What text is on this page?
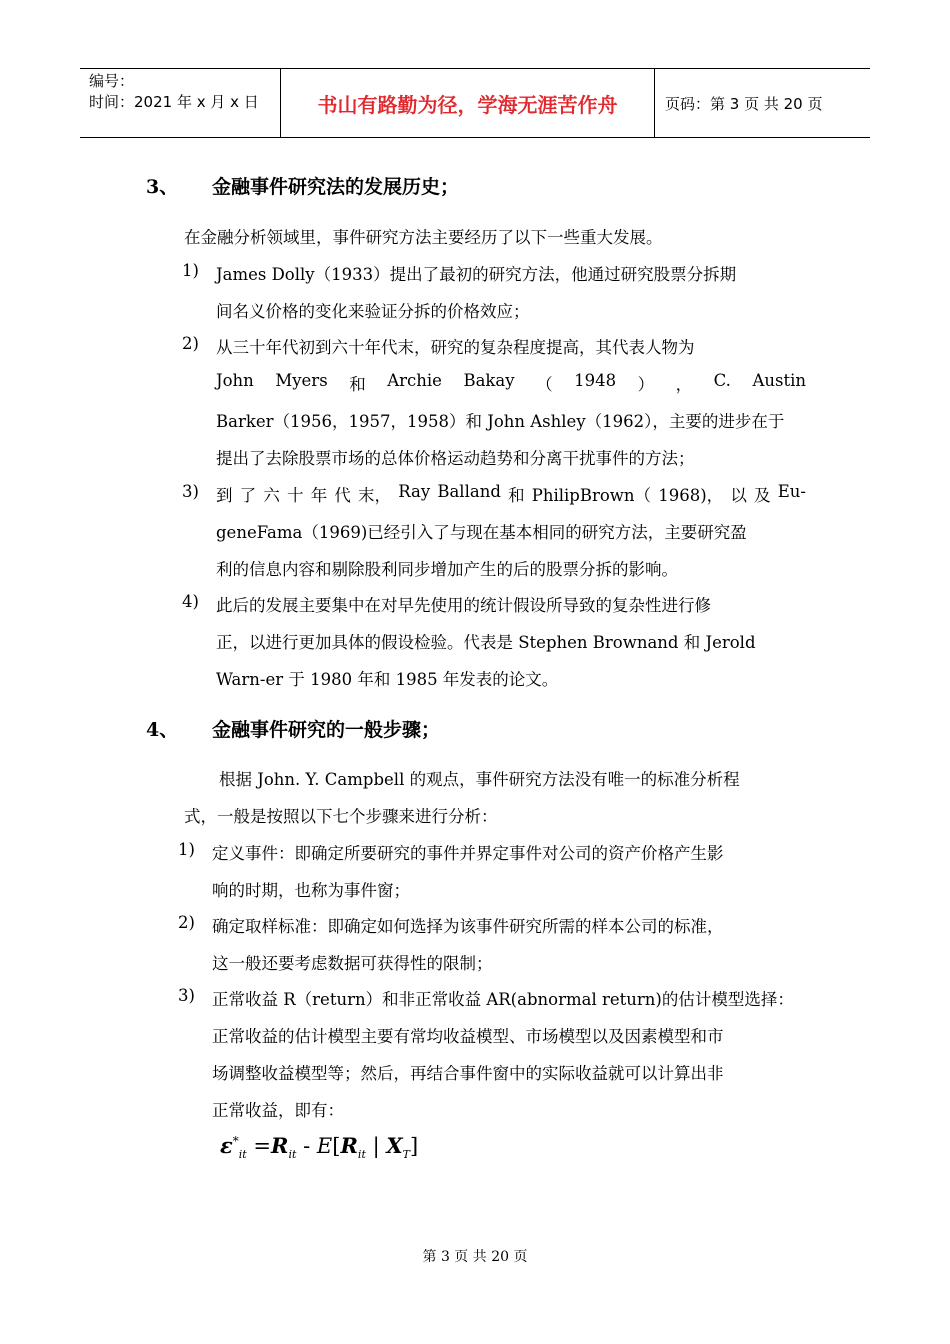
编号：
时间：2021 年 x 月 x 日	书山有路勤为径，学海无涯苦作舟	页码：第 3 页 共 20 页
3、 金融事件研究法的发展历史；
在金融分析领域里，事件研究方法主要经历了以下一些重大发展。
1) James Dolly（1933）提出了最初的研究方法，他通过研究股票分拆期
间名义价格的变化来验证分拆的价格效应；
2) 从三十年代初到六十年代末，研究的复杂程度提高，其代表人物为
John Myers 和 Archie Bakay （ 1948 ） ， C. Austin
Barker（1956，1957，1958）和 John Ashley（1962），主要的进步在于
提出了去除股票市场的总体价格运动趋势和分离干扰事件的方法；
3) 到 了 六 十 年 代 末， Ray Balland 和 PhilipBrown（ 1968)， 以 及 Eu-
geneFama（1969)已经引入了与现在基本相同的研究方法，主要研究盈
利的信息内容和剔除股利同步增加产生的后的股票分拆的影响。
4) 此后的发展主要集中在对早先使用的统计假设所导致的复杂性进行修
正，以进行更加具体的假设检验。代表是 Stephen Brownand 和 Jerold
Warn-er 于 1980 年和 1985 年发表的论文。
4、 金融事件研究的一般步骤；
根据 John. Y. Campbell 的观点，事件研究方法没有唯一的标准分析程
式，一般是按照以下七个步骤来进行分析：
1) 定义事件：即确定所要研究的事件并界定事件对公司的资产价格产生影
响的时期，也称为事件窗；
2) 确定取样标准：即确定如何选择为该事件研究所需的样本公司的标准，
这一般还要考虑数据可获得性的限制；
3) 正常收益 R（return）和非正常收益 AR(abnormal return)的估计模型选择：
正常收益的估计模型主要有常均收益模型、市场模型以及因素模型和市
场调整收益模型等；然后，再结合事件窗中的实际收益就可以计算出非
正常收益，即有：
$\varepsilon^*_{it} =R_{it} - E[R_{it}$ | $X_T$]
第 3 页 共 20 页
